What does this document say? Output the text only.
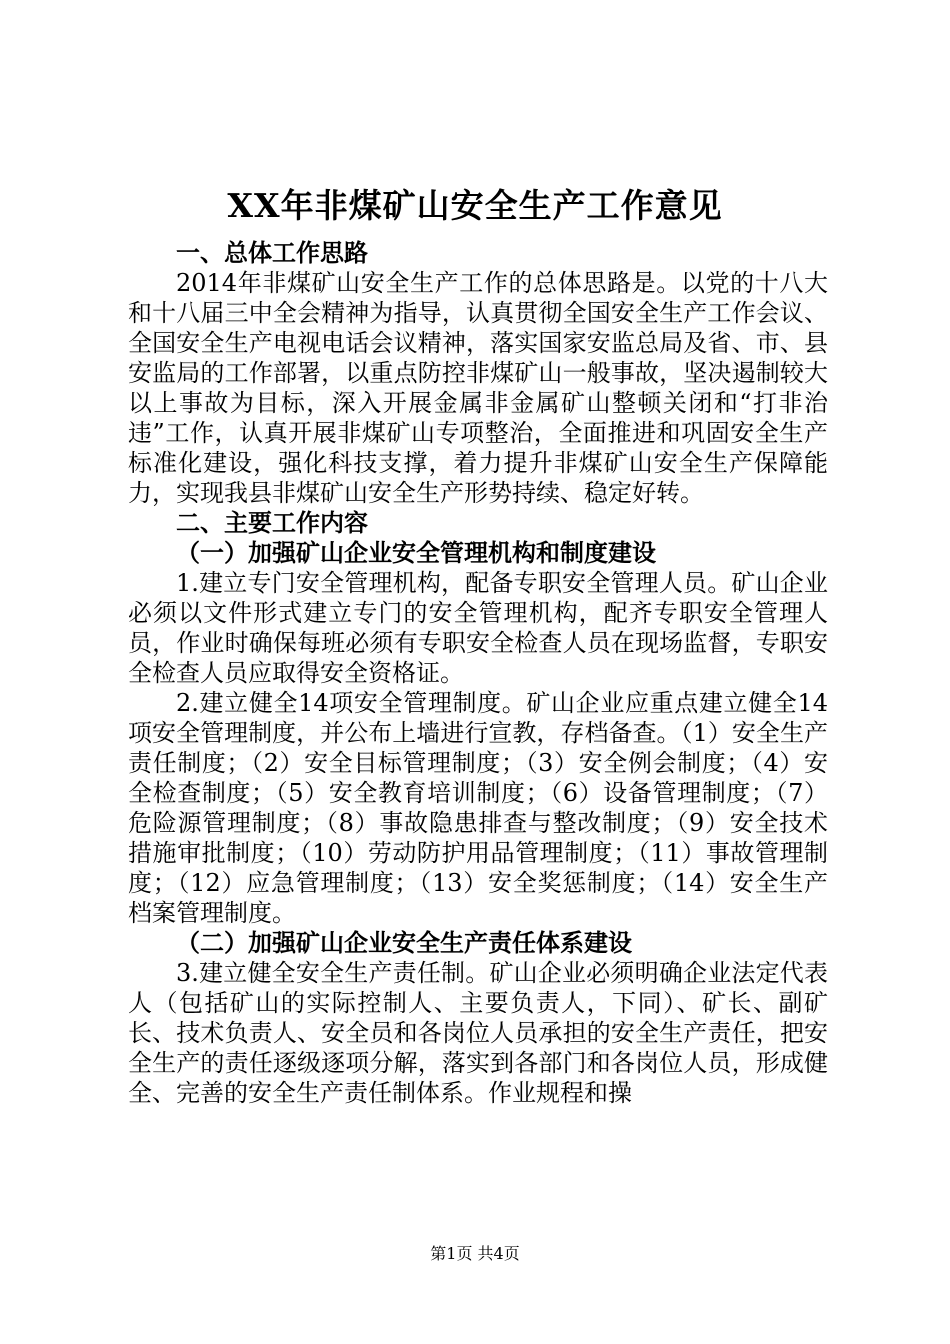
XX年非煤矿山安全生产工作意见
一、总体工作思路
2014年非煤矿山安全生产工作的总体思路是。以党的十八大和十八届三中全会精神为指导，认真贯彻全国安全生产工作会议、全国安全生产电视电话会议精神，落实国家安监总局及省、市、县安监局的工作部署，以重点防控非煤矿山一般事故，坚决遏制较大以上事故为目标，深入开展金属非金属矿山整顿关闭和“打非治违”工作，认真开展非煤矿山专项整治，全面推进和巩固安全生产标准化建设，强化科技支撑，着力提升非煤矿山安全生产保障能力，实现我县非煤矿山安全生产形势持续、稳定好转。
二、主要工作内容
（一）加强矿山企业安全管理机构和制度建设
1.建立专门安全管理机构，配备专职安全管理人员。矿山企业必须以文件形式建立专门的安全管理机构，配齐专职安全管理人员，作业时确保每班必须有专职安全检查人员在现场监督，专职安全检查人员应取得安全资格证。
2.建立健全14项安全管理制度。矿山企业应重点建立健全14项安全管理制度，并公布上墙进行宣教，存档备查。（1）安全生产责任制度；（2）安全目标管理制度；（3）安全例会制度；（4）安全检查制度；（5）安全教育培训制度；（6）设备管理制度；（7）危险源管理制度；（8）事故隐患排查与整改制度；（9）安全技术措施审批制度；（10）劳动防护用品管理制度；（11）事故管理制度；（12）应急管理制度；（13）安全奖惩制度；（14）安全生产档案管理制度。
（二）加强矿山企业安全生产责任体系建设
3.建立健全安全生产责任制。矿山企业必须明确企业法定代表人（包括矿山的实际控制人、主要负责人，下同）、矿长、副矿长、技术负责人、安全员和各岗位人员承担的安全生产责任，把安全生产的责任逐级逐项分解，落实到各部门和各岗位人员，形成健全、完善的安全生产责任制体系。作业规程和操
第1页 共4页
